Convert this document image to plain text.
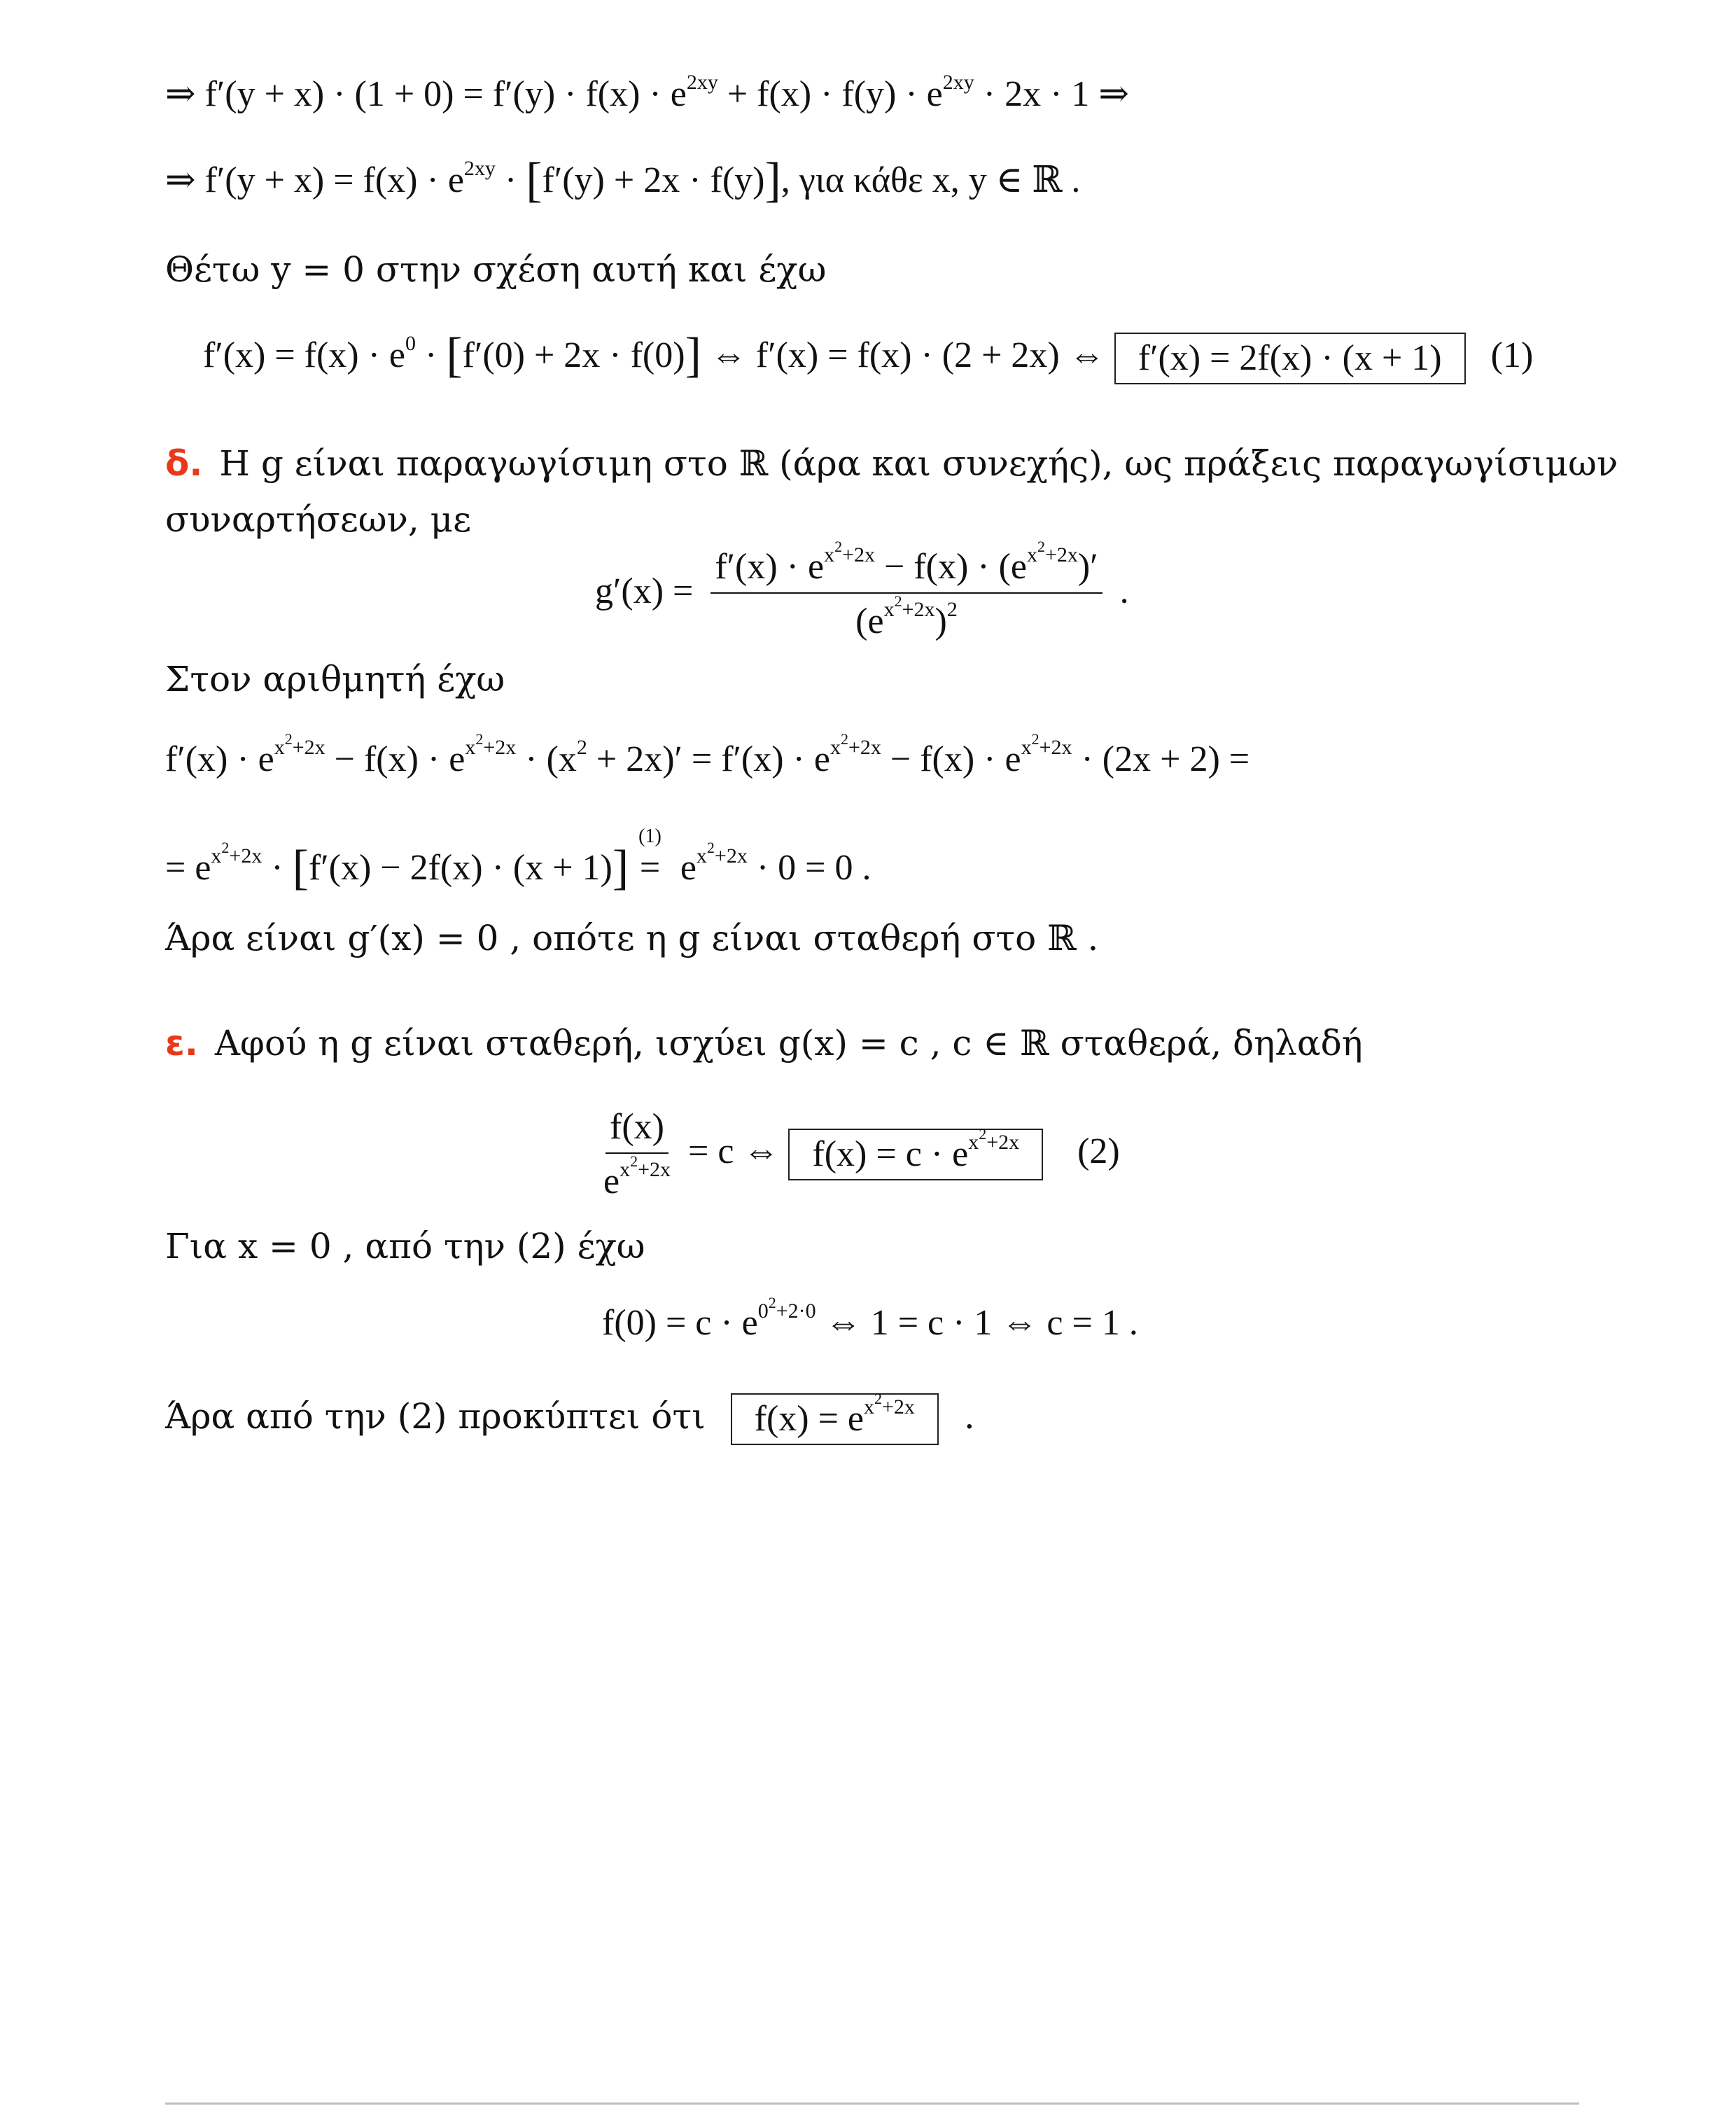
⇒ $f'(y + x) \cdot (1 + 0) = f'(y) \cdot f(x) \cdot e^{2xy} + f(x) \cdot f(y) \cdot e^{2xy} \cdot 2x \cdot 1$ ⇒
⇒ $f'(y + x) = f(x) \cdot e^{2xy} \cdot [f'(y) + 2x \cdot f(y)]$, για κάθε x, y ∈ ℝ .
Θέτω y = 0 στην σχέση αυτή και έχω
$f'(x) = f(x) \cdot e^0 \cdot [f'(0) + 2x \cdot f(0)]$ ⇔ f′(x) = f(x) · (2 + 2x) ⇔ f′(x) = 2f(x) · (x + 1) (1)
δ. Η g είναι παραγωγίσιμη στο ℝ (άρα και συνεχής), ως πράξεις παραγωγίσιμων
συναρτήσεων, με
$g'(x) = \frac{f'(x) \cdot e^{x^2+2x} - f(x) \cdot (e^{x^2+2x})'}{(e^{x^2+2x})^2}$ .
Στον αριθμητή έχω
$f'(x) \cdot e^{x^2+2x} - f(x) \cdot e^{x^2+2x} \cdot (x^2 + 2x)' = f'(x) \cdot e^{x^2+2x} - f(x) \cdot e^{x^2+2x} \cdot (2x + 2)$ =
= $e^{x^2+2x} \cdot [f'(x) - 2f(x) \cdot (x + 1)]$
(1)
= $e^{x^2+2x} \cdot 0 = 0$ .
Άρα είναι g′(x) = 0 , οπότε η g είναι σταθερή στο ℝ .
ε. Αφού η g είναι σταθερή, ισχύει g(x) = c , c ∈ ℝ σταθερά, δηλαδή
$\frac{f(x)}{e^{x^2+2x}} = c$ ⇔ $f(x) = c \cdot e^{x^2+2x}$ (2)
Για x = 0 , από την (2) έχω
$f(0) = c \cdot e^{0^2+2\cdot 0}$ ⇔ 1 = c · 1 ⇔ c = 1 .
Άρα από την (2) προκύπτει ότι $f(x) = e^{x^2+2x}$ .
